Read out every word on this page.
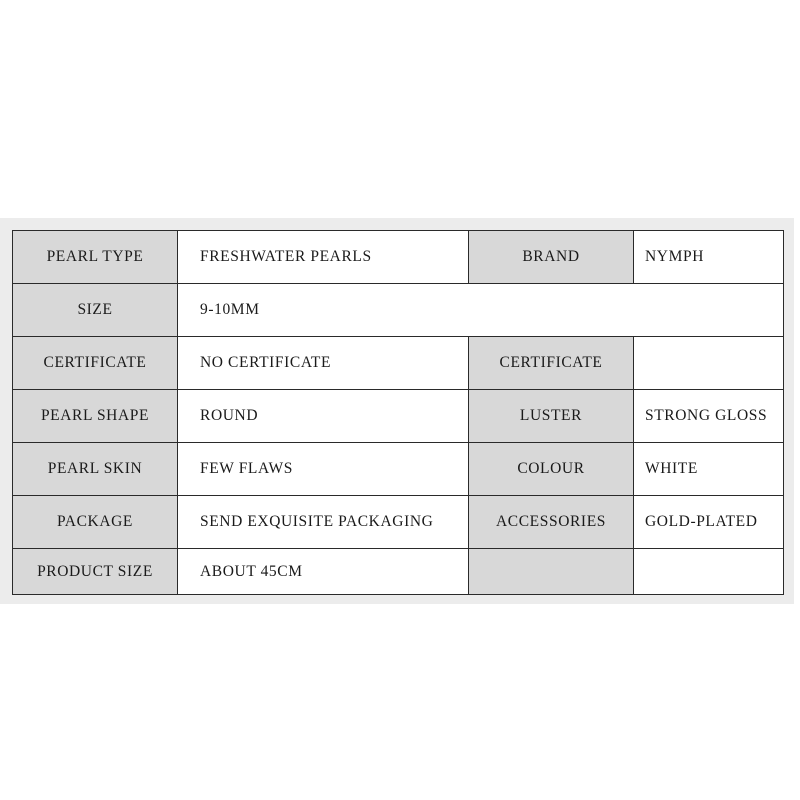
PEARL TYPE	FRESHWATER PEARLS	BRAND	NYMPH
SIZE	9-10MM		
CERTIFICATE	NO CERTIFICATE	CERTIFICATE	
PEARL SHAPE	ROUND	LUSTER	STRONG GLOSS
PEARL SKIN	FEW FLAWS	COLOUR	WHITE
PACKAGE	SEND EXQUISITE PACKAGING	ACCESSORIES	GOLD-PLATED
PRODUCT SIZE	ABOUT 45CM		
